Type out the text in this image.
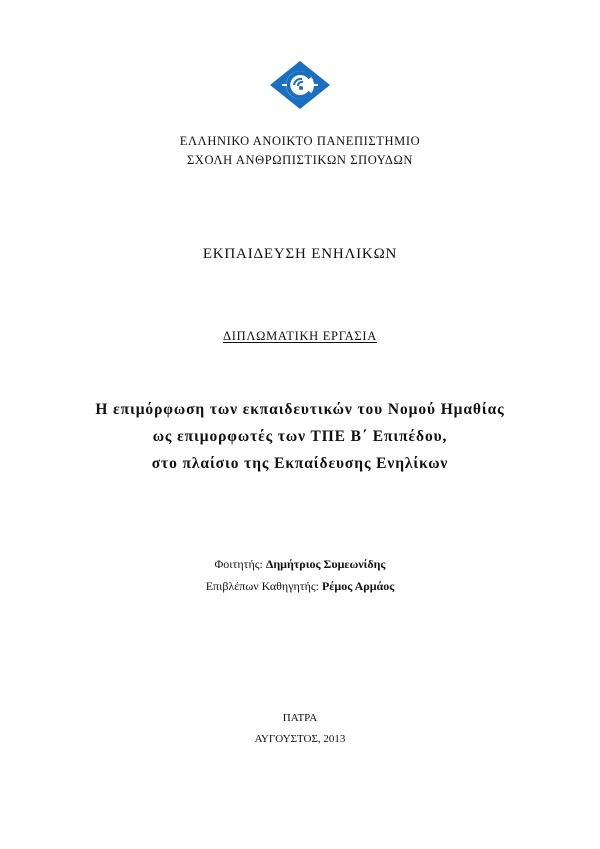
ΕΛΛΗΝΙΚΟ ΑΝΟΙΚΤΟ ΠΑΝΕΠΙΣΤΗΜΙΟ
ΣΧΟΛΗ ΑΝΘΡΩΠΙΣΤΙΚΩΝ ΣΠΟΥΔΩΝ
ΕΚΠΑΙΔΕΥΣΗ ΕΝΗΛΙΚΩΝ
ΔΙΠΛΩΜΑΤΙΚΗ ΕΡΓΑΣΙΑ
Η επιμόρφωση των εκπαιδευτικών του Νομού Ημαθίας
ως επιμορφωτές των ΤΠΕ Β΄ Επιπέδου,
στο πλαίσιο της Εκπαίδευσης Ενηλίκων
Φοιτητής: Δημήτριος Συμεωνίδης
Επιβλέπων Καθηγητής: Ρέμος Αρμάος
ΠΑΤΡΑ
ΑΥΓΟΥΣΤΟΣ, 2013
